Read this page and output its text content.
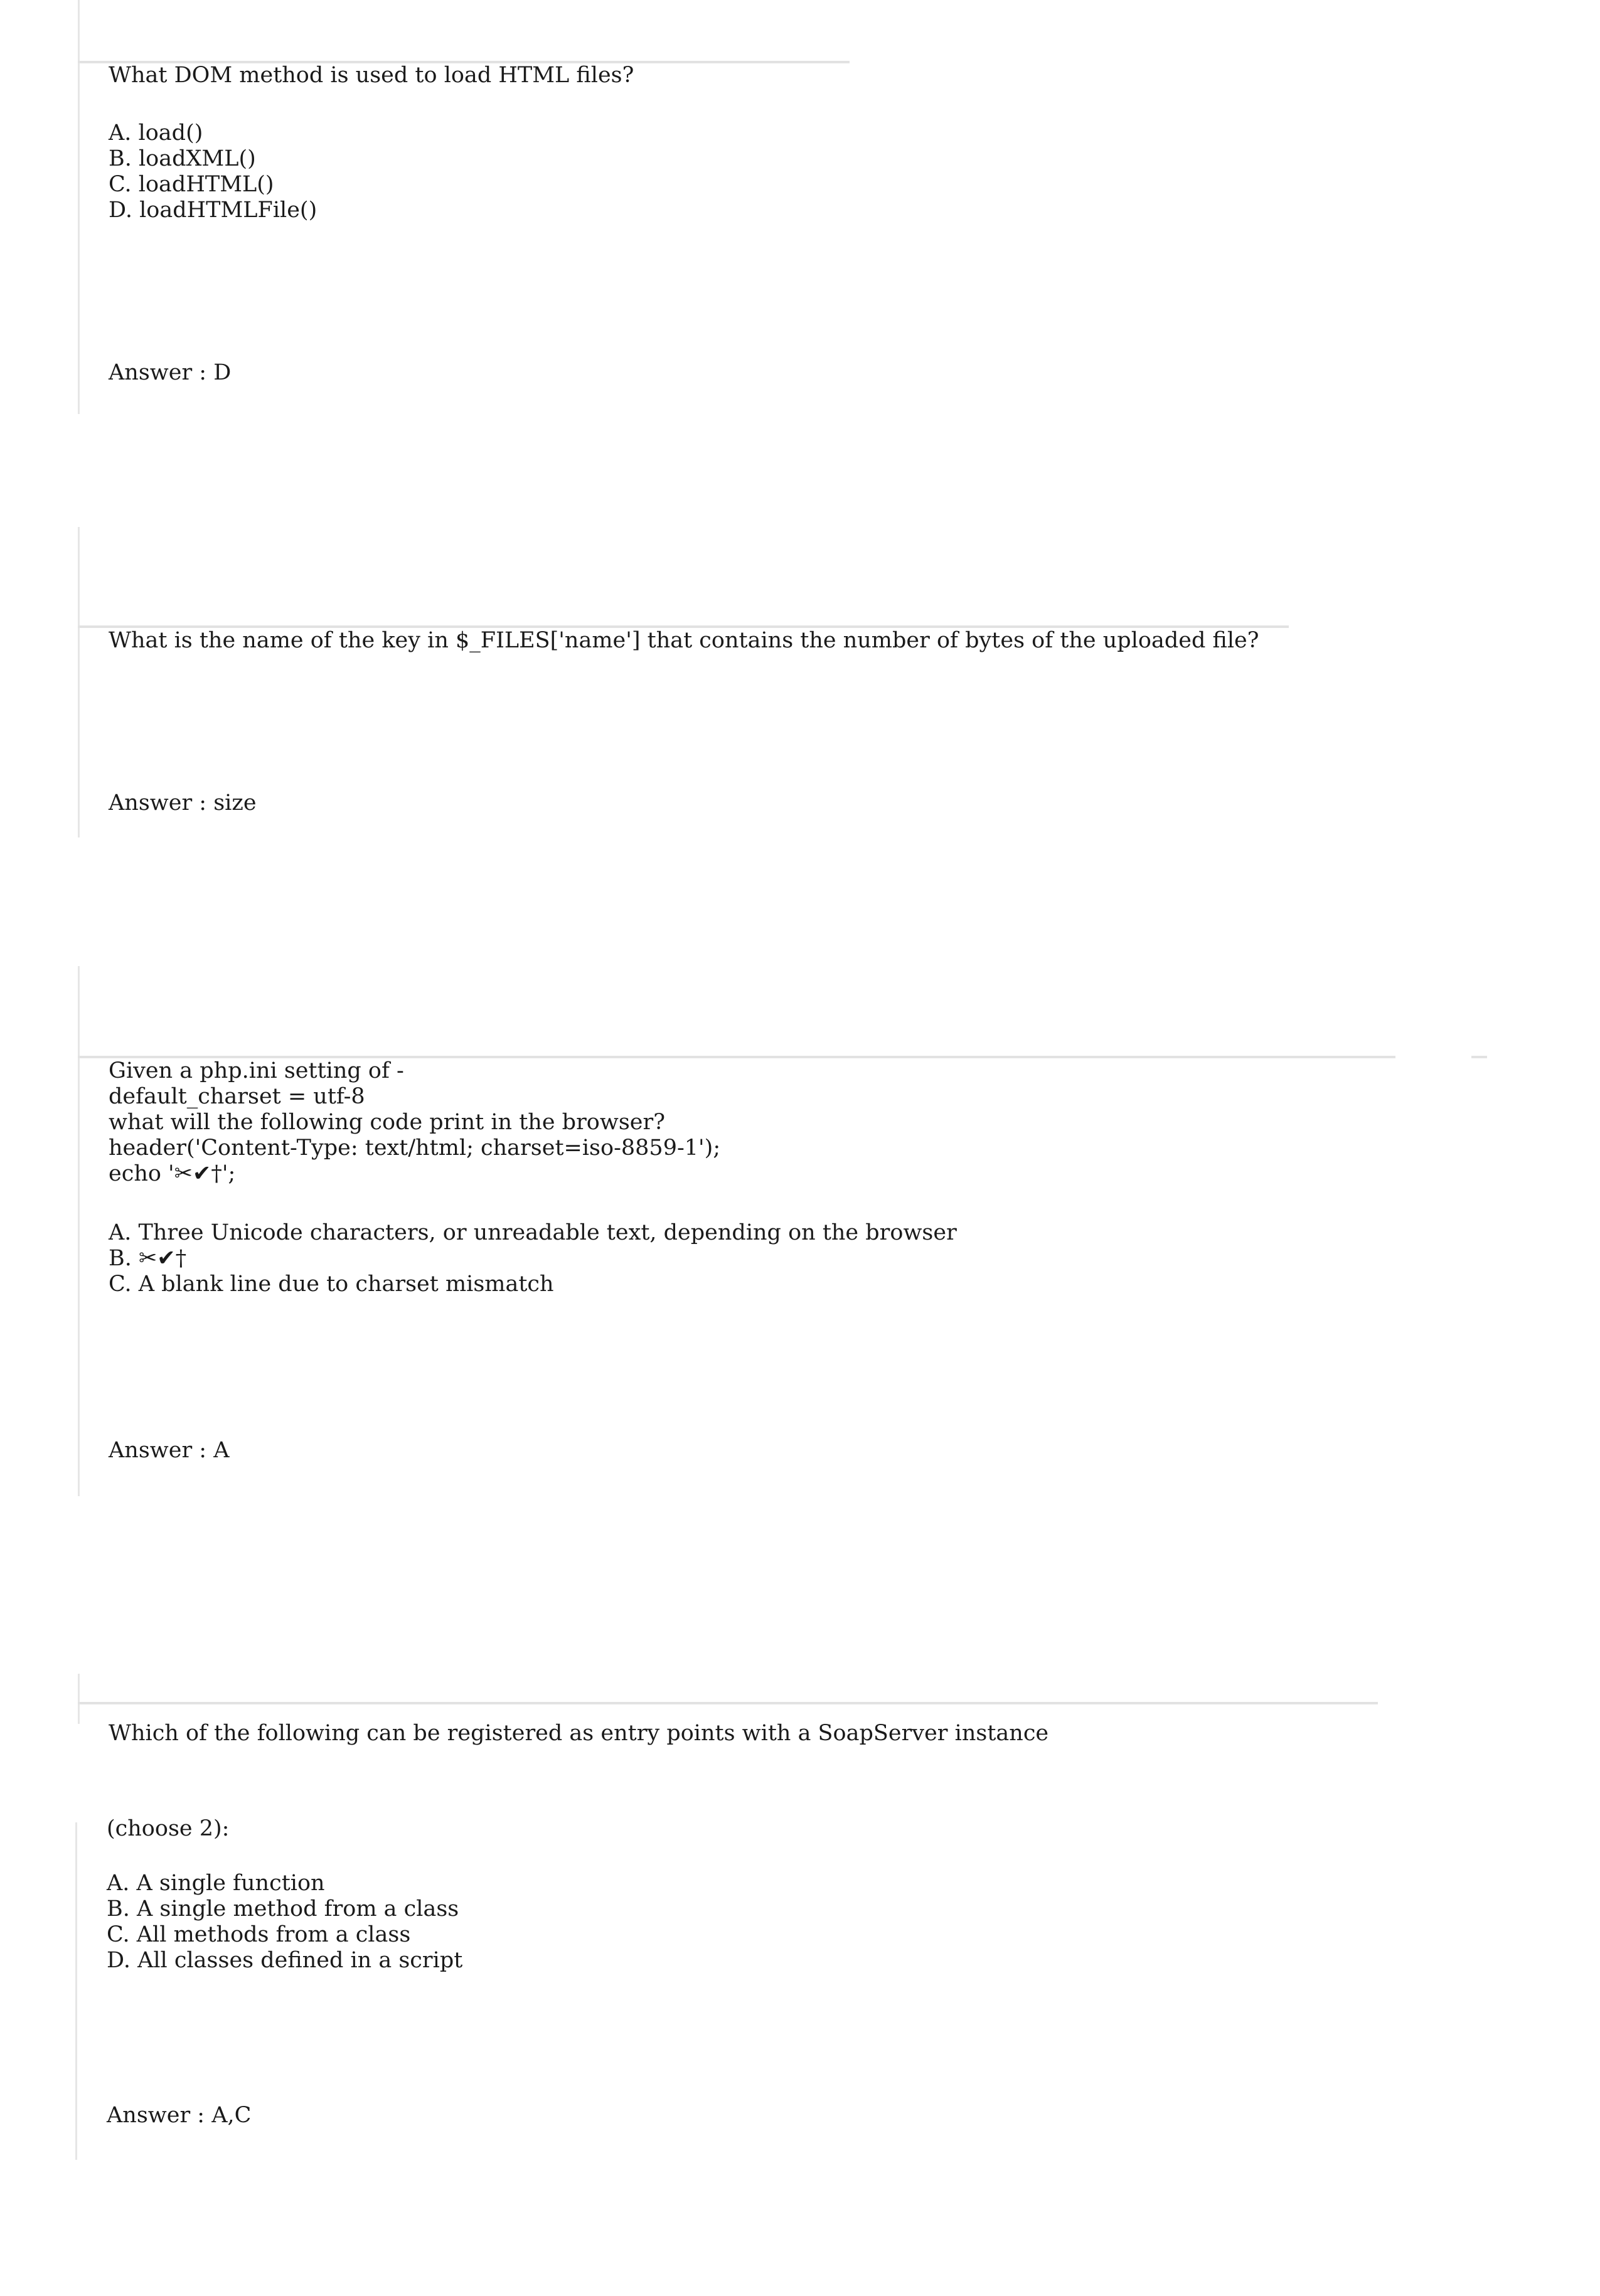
What DOM method is used to load HTML files?

A. load()

B. loadXML()

C. loadHTML()

D. loadHTMLFile()

Answer : D

What is the name of the key in $_FILES['name'] that contains the number of bytes of the uploaded file?

Answer : size

Given a php.ini setting of -

default_charset = utf-8

what will the following code print in the browser?

header('Content-Type: text/html; charset=iso-8859-1');

echo '✂✔†';

A. Three Unicode characters, or unreadable text, depending on the browser

B. ✂✔†

C. A blank line due to charset mismatch

Answer : A

Which of the following can be registered as entry points with a SoapServer instance

(choose 2):

A. A single function

B. A single method from a class

C. All methods from a class

D. All classes defined in a script

Answer : A,C
